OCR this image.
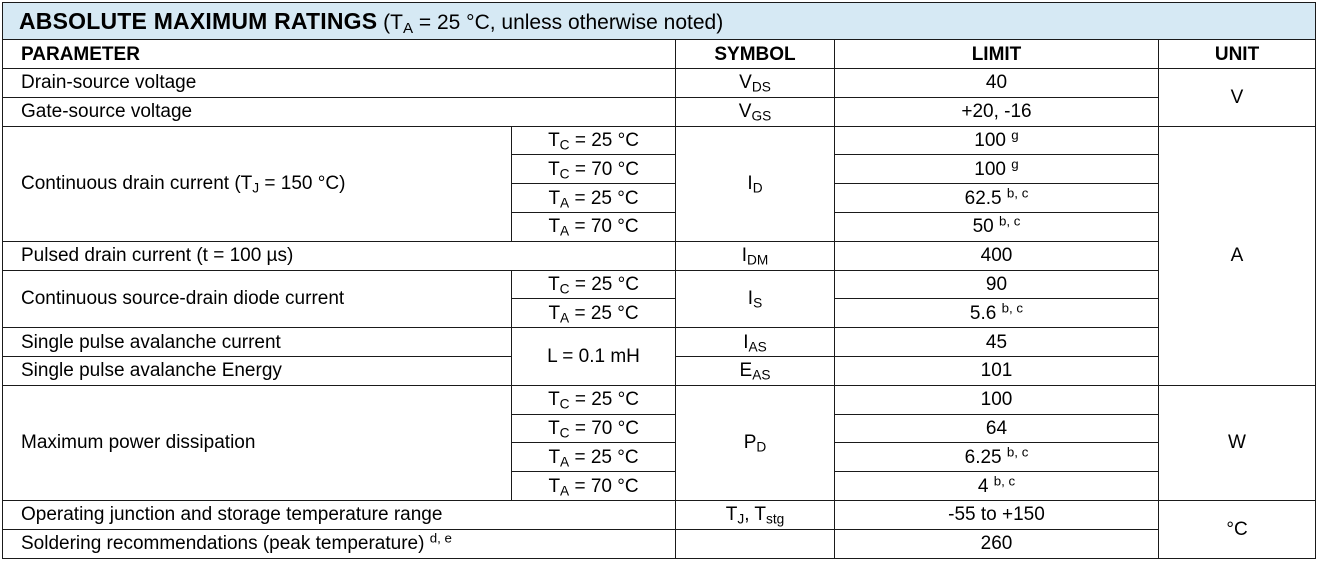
ABSOLUTE MAXIMUM RATINGS ($T_A = 25$ °C, unless otherwise noted)					
PARAMETER		SYMBOL	LIMIT	UNIT	
Drain-source voltage		$V_{DS}$	40	V	
Gate-source voltage		$V_{GS}$	+20, -16		
Continuous drain current ($T_J = 150$ °C)	$T_C = 25$ °C	$I_D$	100 $^g$	A	
	$T_C = 70$ °C		100 $^g$
	$T_A = 25$ °C		62.5 $^{b, c}$
	$T_A = 70$ °C		50 $^{b, c}$
Pulsed drain current (t = 100 µs)		$I_{DM}$	400		
Continuous source-drain diode current	$T_C = 25$ °C	$I_S$	90		
	$T_A = 25$ °C		5.6 $^{b, c}$
Single pulse avalanche current	L = 0.1 mH	$I_{AS}$	45		
Single pulse avalanche Energy		$E_{AS}$	101	
Maximum power dissipation	$T_C = 25$ °C	$P_D$	100	W	
	$T_C = 70$ °C		64		
	$T_A = 25$ °C		6.25 $^{b, c}$
	$T_A = 70$ °C		4 $^{b, c}$
Operating junction and storage temperature range		$T_J$, $T_{stg}$	-55 to +150	°C	
Soldering recommendations (peak temperature) $^{d, e}$			260		
